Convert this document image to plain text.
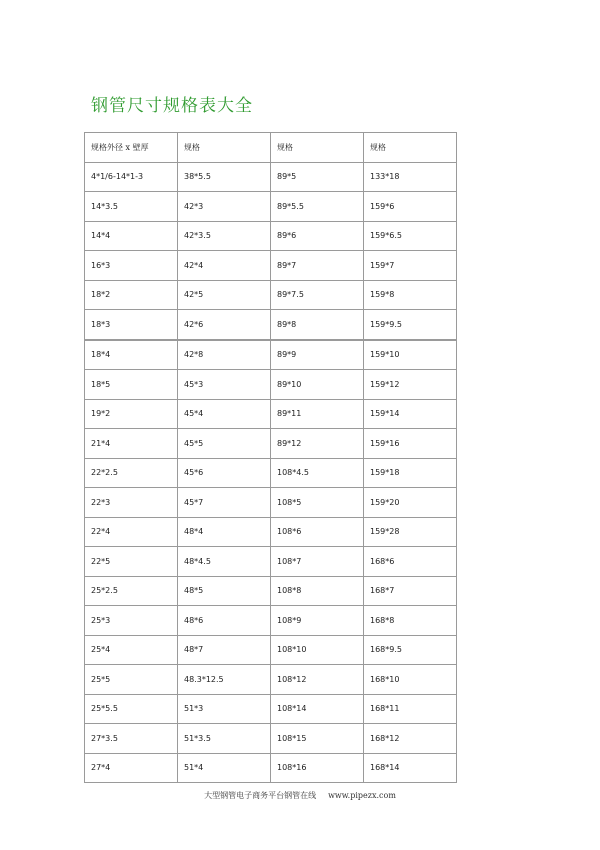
钢管尺寸规格表大全
规格外径 x 壁厚	规格	规格	规格
4*1/6-14*1-3	38*5.5	89*5	133*18
14*3.5	42*3	89*5.5	159*6
14*4	42*3.5	89*6	159*6.5
16*3	42*4	89*7	159*7
18*2	42*5	89*7.5	159*8
18*3	42*6	89*8	159*9.5
18*4	42*8	89*9	159*10
18*5	45*3	89*10	159*12
19*2	45*4	89*11	159*14
21*4	45*5	89*12	159*16
22*2.5	45*6	108*4.5	159*18
22*3	45*7	108*5	159*20
22*4	48*4	108*6	159*28
22*5	48*4.5	108*7	168*6
25*2.5	48*5	108*8	168*7
25*3	48*6	108*9	168*8
25*4	48*7	108*10	168*9.5
25*5	48.3*12.5	108*12	168*10
25*5.5	51*3	108*14	168*11
27*3.5	51*3.5	108*15	168*12
27*4	51*4	108*16	168*14
大型钢管电子商务平台钢管在线 www.pipezx.com
